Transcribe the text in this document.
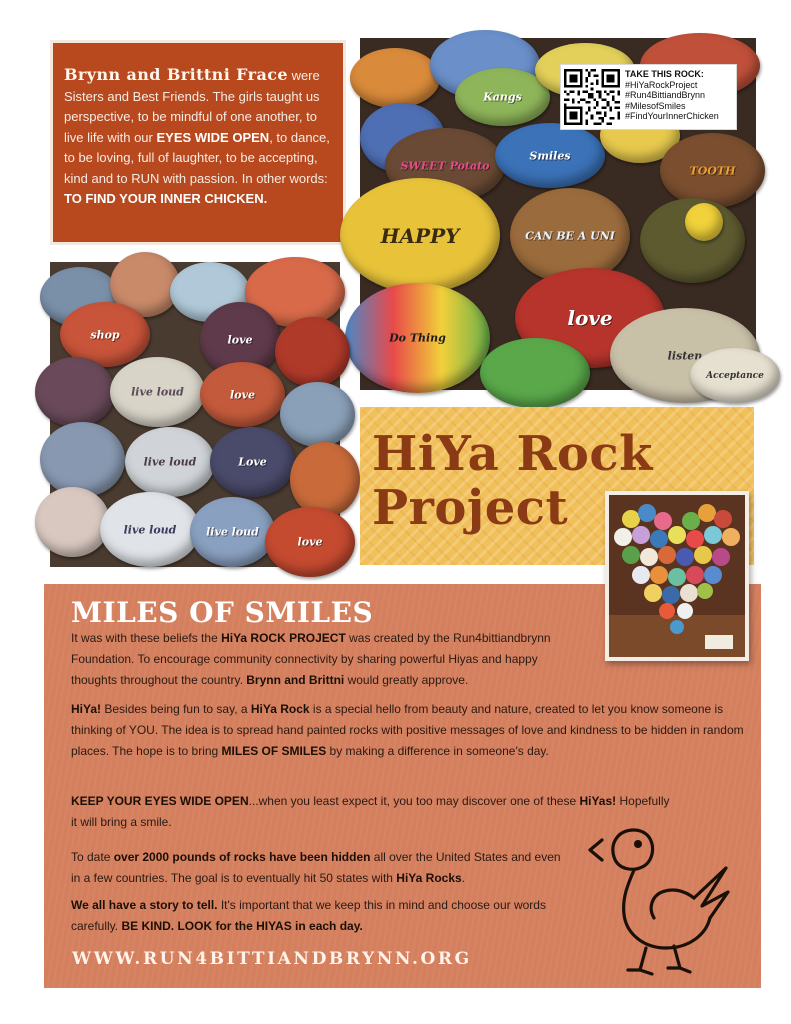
Brynn and Brittni Frace were Sisters and Best Friends. The girls taught us perspective, to be mindful of one another, to live life with our EYES WIDE OPEN, to dance, to be loving, full of laughter, to be accepting, kind and to RUN with passion. In other words: TO FIND YOUR INNER CHICKEN.
Kangs
SWEET Potato
Smiles
TOOTH
HAPPY	CAN BE A UNI
Do Thing
love
listen
Acceptance
TAKE THIS ROCK:
#HiYaRockProject
#Run4BittiandBrynn
#MilesofSmiles
#FindYourInnerChicken
shop	love
live loud	love
live loud	Love
live loud	live loud
love
HiYa Rock
Project
MILES OF SMILES
It was with these beliefs the HiYa ROCK PROJECT was created by the Run4bittiandbrynn Foundation. To encourage community connectivity by sharing powerful Hiyas and happy thoughts throughout the country. Brynn and Brittni would greatly approve.
HiYa! Besides being fun to say, a HiYa Rock is a special hello from beauty and nature, created to let you know someone is thinking of YOU. The idea is to spread hand painted rocks with positive messages of love and kindness to be hidden in random places. The hope is to bring MILES OF SMILES by making a difference in someone's day.
KEEP YOUR EYES WIDE OPEN...when you least expect it, you too may discover one of these HiYas! Hopefully it will bring a smile.
To date over 2000 pounds of rocks have been hidden all over the United States and even in a few countries. The goal is to eventually hit 50 states with HiYa Rocks.
We all have a story to tell. It's important that we keep this in mind and choose our words carefully. BE KIND. LOOK for the HIYAS in each day.
WWW.RUN4BITTIANDBRYNN.ORG
